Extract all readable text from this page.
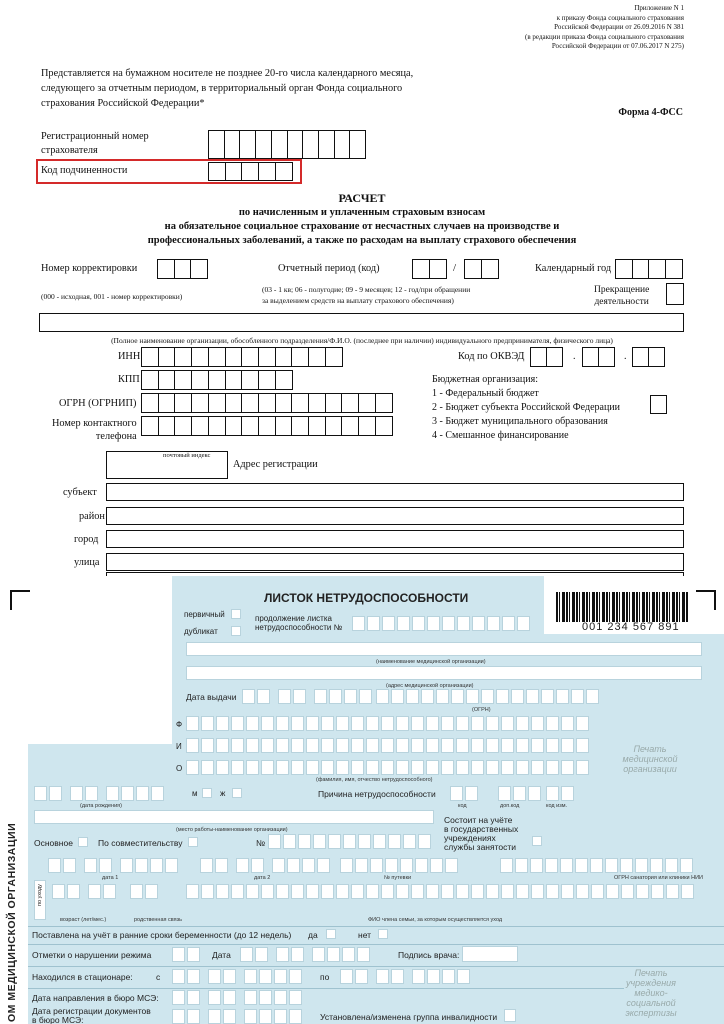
Приложение N 1
к приказу Фонда социального страхования
Российской Федерации от 26.09.2016 N 381
(в редакции приказа Фонда социального страхования
Российской Федерации от 07.06.2017 N 275)
Представляется на бумажном носителе не позднее 20-го числа календарного месяца,
следующего за отчетным периодом, в территориальный орган Фонда социального
страхования Российской Федерации*
Форма 4-ФСС
Регистрационный номер
страхователя
Код подчиненности
РАСЧЕТ
по начисленным и уплаченным страховым взносам
на обязательное социальное страхование от несчастных случаев на производстве и
профессиональных заболеваний, а также по расходам на выплату страхового обеспечения
Номер корректировки
(000 - исходная, 001 - номер корректировки)
Отчетный период (код)	/
(03 - 1 кв; 06 - полугодие; 09 - 9 месяцев; 12 - год/при обращении
за выделением средств на выплату страхового обеспечения)
Календарный год
Прекращение
деятельности
(Полное наименование организации, обособленного подразделения/Ф.И.О. (последнее при наличии) индивидуального предпринимателя, физического лица)
ИНН
КПП
ОГРН (ОГРНИП)
Номер контактного
телефона
Код по ОКВЭД	.	.
Бюджетная организация:
1 - Федеральный бюджет
2 - Бюджет субъекта Российской Федерации
3 - Бюджет муниципального образования
4 - Смешанное финансирование
почтовый индекс
Адрес регистрации
субъект
район
город
улица
ОМ МЕДИЦИНСКОЙ ОРГАНИЗАЦИИ
ЛИСТОК НЕТРУДОСПОСОБНОСТИ
001 234 567 891
первичный
дубликат
продолжение листка
нетрудоспособности №
(наименование медицинской организации)
(адрес медицинской организации)
Дата выдачи
(ОГРН)
Ф
И
О
(фамилия, имя, отчество нетрудоспособного)
Печать медицинской организации
(дата рождения)
м	ж	Причина нетрудоспособности
код	доп.код	код изм.
(место работы-наименование организации)
Состоит на учёте
в государственных
учреждениях
службы занятости
Основное	По совместительству	№
дата 1	дата 2	№ путевки	ОГРН санатория или клиники НИИ
по уходу
возраст (лет/мес.)	родственная связь	ФИО члена семьи, за которым осуществляется уход
Поставлена на учёт в ранние сроки беременности (до 12 недель) да	нет
Отметки о нарушении режима	Дата	Подпись врача:
Находился в стационаре:	с	по
Дата направления в бюро МСЭ:
Дата регистрации документов
в бюро МСЭ:	Установлена/изменена группа инвалидности
Печать учреждения медико-социальной экспертизы
